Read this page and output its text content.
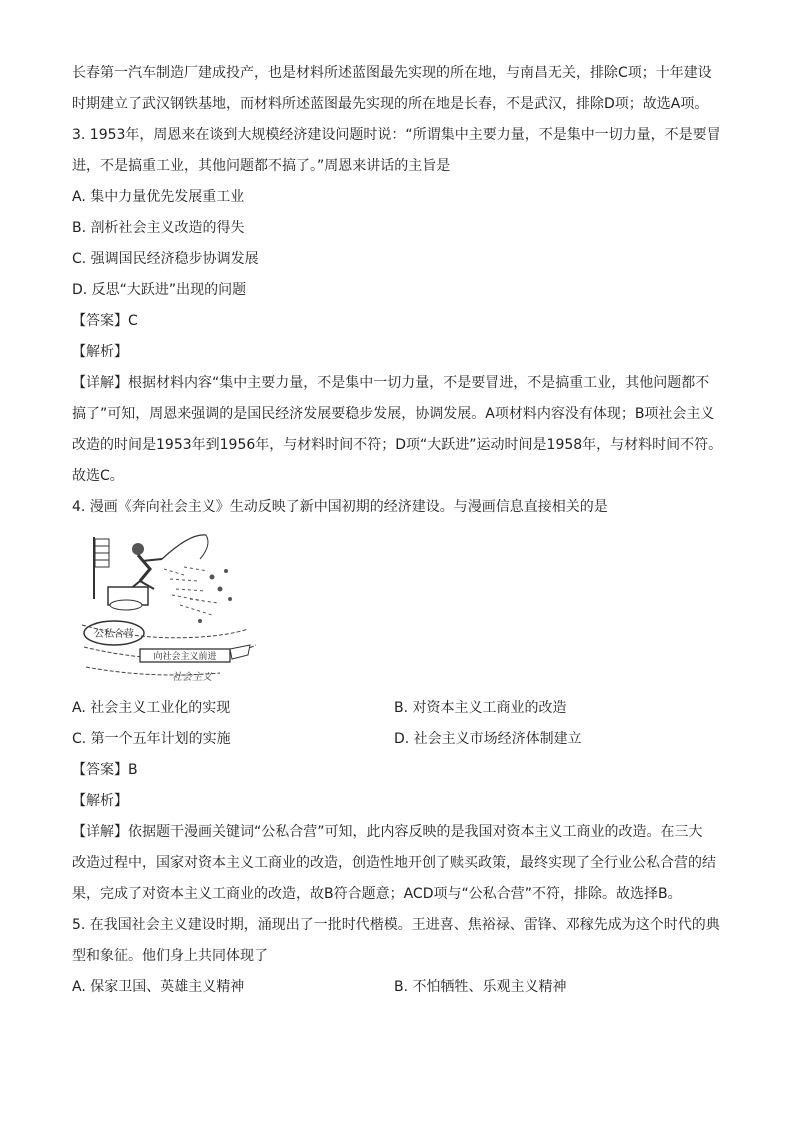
长春第一汽车制造厂建成投产，也是材料所述蓝图最先实现的所在地，与南昌无关，排除C项；十年建设
时期建立了武汉钢铁基地，而材料所述蓝图最先实现的所在地是长春，不是武汉，排除D项；故选A项。
3. 1953年，周恩来在谈到大规模经济建设问题时说：“所谓集中主要力量，不是集中一切力量，不是要冒
进，不是搞重工业，其他问题都不搞了。”周恩来讲话的主旨是
A. 集中力量优先发展重工业
B. 剖析社会主义改造的得失
C. 强调国民经济稳步协调发展
D. 反思“大跃进”出现的问题
【答案】C
【解析】
【详解】根据材料内容“集中主要力量，不是集中一切力量，不是要冒进，不是搞重工业，其他问题都不
搞了”可知，周恩来强调的是国民经济发展要稳步发展，协调发展。A项材料内容没有体现；B项社会主义
改造的时间是1953年到1956年，与材料时间不符；D项“大跃进”运动时间是1958年，与材料时间不符。
故选C。
4. 漫画《奔向社会主义》生动反映了新中国初期的经济建设。与漫画信息直接相关的是
公私合营
向社会主义前进
社会主义
A. 社会主义工业化的实现	B. 对资本主义工商业的改造
C. 第一个五年计划的实施	D. 社会主义市场经济体制建立
【答案】B
【解析】
【详解】依据题干漫画关键词“公私合营”可知，此内容反映的是我国对资本主义工商业的改造。在三大
改造过程中，国家对资本主义工商业的改造，创造性地开创了赎买政策，最终实现了全行业公私合营的结
果，完成了对资本主义工商业的改造，故B符合题意；ACD项与“公私合营”不符，排除。故选择B。
5. 在我国社会主义建设时期，涌现出了一批时代楷模。王进喜、焦裕禄、雷锋、邓稼先成为这个时代的典
型和象征。他们身上共同体现了
A. 保家卫国、英雄主义精神	B. 不怕牺牲、乐观主义精神
